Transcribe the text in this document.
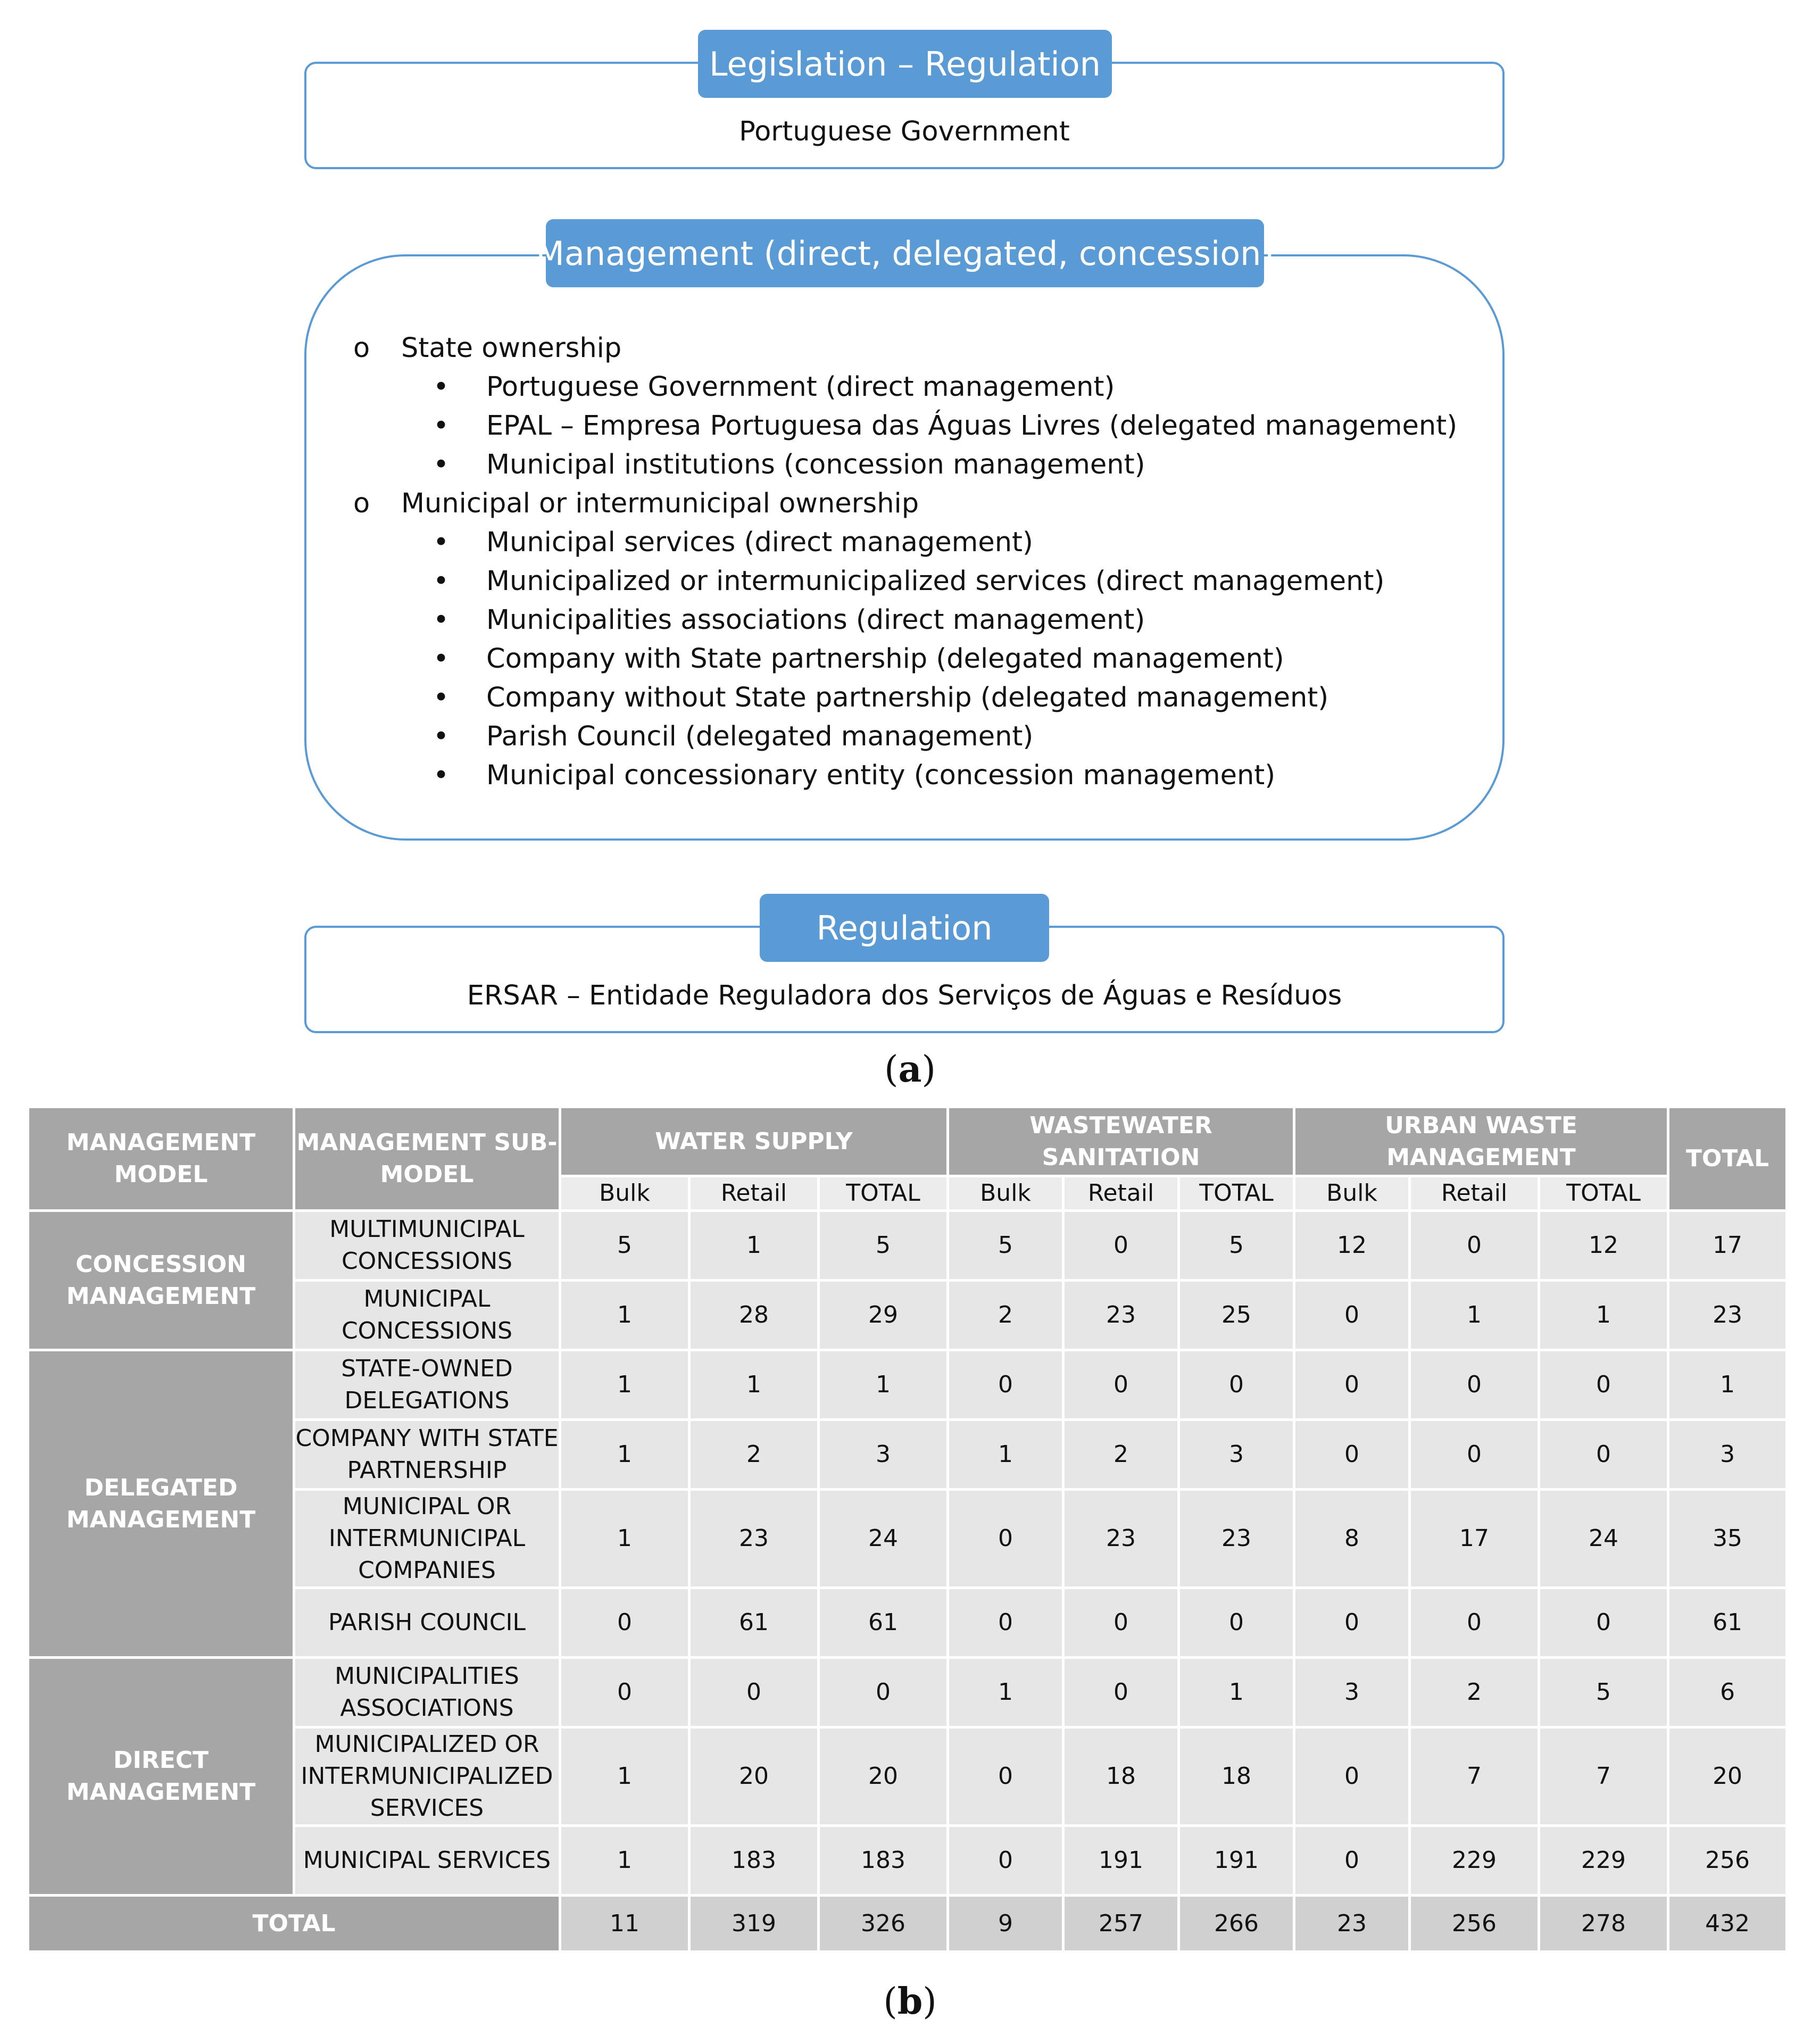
Portuguese Government
Legislation – Regulation
o State ownership
• Portuguese Government (direct management)
• EPAL – Empresa Portuguesa das Águas Livres (delegated management)
• Municipal institutions (concession management)
o Municipal or intermunicipal ownership
• Municipal services (direct management)
• Municipalized or intermunicipalized services (direct management)
• Municipalities associations (direct management)
• Company with State partnership (delegated management)
• Company without State partnership (delegated management)
• Parish Council (delegated management)
• Municipal concessionary entity (concession management)
Management (direct, delegated, concession)
ERSAR – Entidade Reguladora dos Serviços de Águas e Resíduos
Regulation
(a)
MANAGEMENT MODEL	MANAGEMENT SUB-MODEL	WATER SUPPLY			WASTEWATER SANITATION			URBAN WASTE MANAGEMENT			TOTAL
		Bulk	Retail	TOTAL	Bulk	Retail	TOTAL	Bulk	Retail	TOTAL	
CONCESSION MANAGEMENT	MULTIMUNICIPAL CONCESSIONS	5	1	5	5	0	5	12	0	12	17
	MUNICIPAL CONCESSIONS	1	28	29	2	23	25	0	1	1	23
DELEGATED MANAGEMENT	STATE-OWNED DELEGATIONS	1	1	1	0	0	0	0	0	0	1
	COMPANY WITH STATE PARTNERSHIP	1	2	3	1	2	3	0	0	0	3
	MUNICIPAL OR INTERMUNICIPAL COMPANIES	1	23	24	0	23	23	8	17	24	35
	PARISH COUNCIL	0	61	61	0	0	0	0	0	0	61
DIRECT MANAGEMENT	MUNICIPALITIES ASSOCIATIONS	0	0	0	1	0	1	3	2	5	6
	MUNICIPALIZED OR INTERMUNICIPALIZED SERVICES	1	20	20	0	18	18	0	7	7	20
	MUNICIPAL SERVICES	1	183	183	0	191	191	0	229	229	256
TOTAL		11	319	326	9	257	266	23	256	278	432
(b)
